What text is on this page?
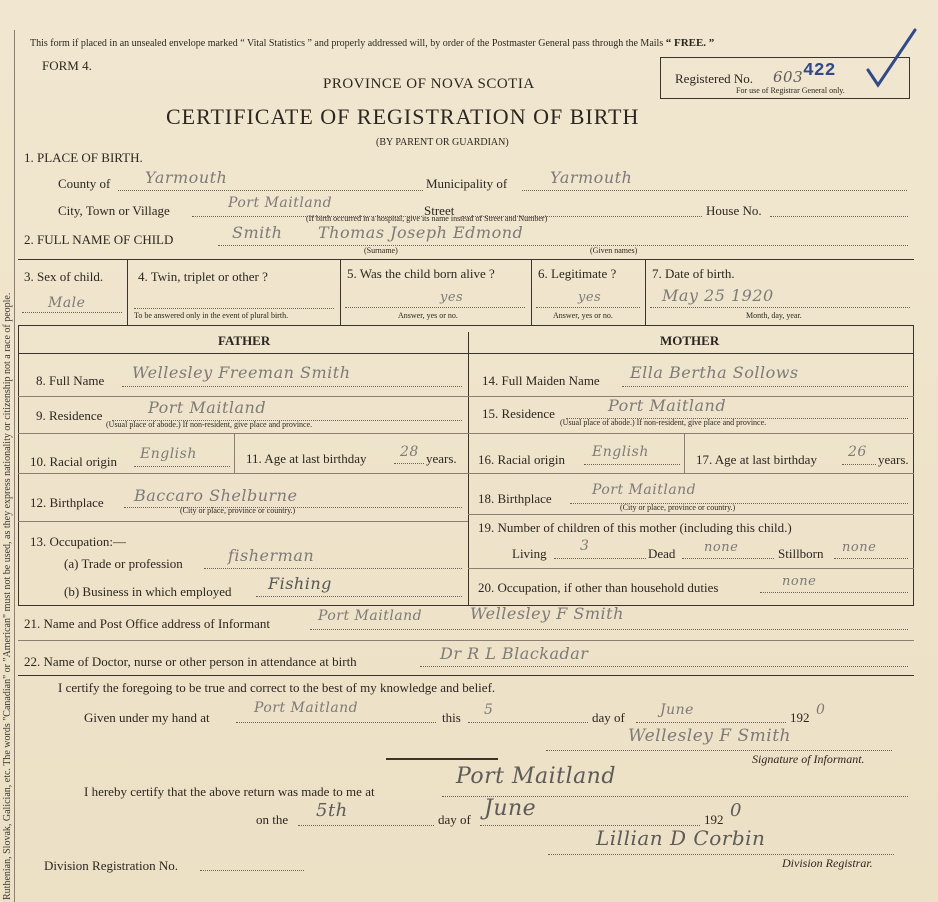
Ruthenian, Slovak, Galician, etc. The words "Canadian" or "American" must not be used, as they express nationality or citizenship not a race of people.
This form if placed in an unsealed envelope marked “ Vital Statistics ” and properly addressed will, by order of the Postmaster General pass through the Mails “ FREE. ”
FORM 4.
PROVINCE OF NOVA SCOTIA
CERTIFICATE OF REGISTRATION OF BIRTH
(BY PARENT OR GUARDIAN)
Registered No. 603 422
For use of Registrar General only.
1. PLACE OF BIRTH.
County of Yarmouth	Municipality of	Yarmouth
City, Town or Village	Port Maitland	Street	House No.
(If birth occurred in a hospital, give its name instead of Street and Number)
2. FULL NAME OF CHILD	Smith Thomas Joseph Edmond
(Surname)	(Given names)
3. Sex of child.
Male
4. Twin, triplet or other ?
To be answered only in the event of plural birth.
5. Was the child born alive ?
yes
Answer, yes or no.
6. Legitimate ?
yes
Answer, yes or no.
7. Date of birth.
May 25 1920
Month, day, year.
FATHER	MOTHER
8. Full Name Wellesley Freeman Smith
9. Residence	Port Maitland
(Usual place of abode.) If non-resident, give place and province.
10. Racial origin English	11. Age at last birthday 28 years.
12. Birthplace Baccaro Shelburne
(City or place, province or country.)
13. Occupation:—
(a) Trade or profession	fisherman
(b) Business in which employed Fishing
14. Full Maiden Name Ella Bertha Sollows
15. Residence	Port Maitland
(Usual place of abode.) If non-resident, give place and province.
16. Racial origin English	17. Age at last birthday 26 years.
18. Birthplace
Port Maitland
(City or place, province or country.)
19. Number of children of this mother (including this child.)
Living 3	Dead none	Stillborn none
20. Occupation, if other than household duties	none
21. Name and Post Office address of Informant	Port Maitland	Wellesley F Smith
22. Name of Doctor, nurse or other person in attendance at birth	Dr R L Blackadar
I certify the foregoing to be true and correct to the best of my knowledge and belief.
Given under my hand at
Port Maitland
this 5	day of	June	192 0
Wellesley F Smith
Signature of Informant.
I hereby certify that the above return was made to me at
Port Maitland
on the 5th	day of June	192 0
Division Registration No.
Lillian D Corbin
Division Registrar.
